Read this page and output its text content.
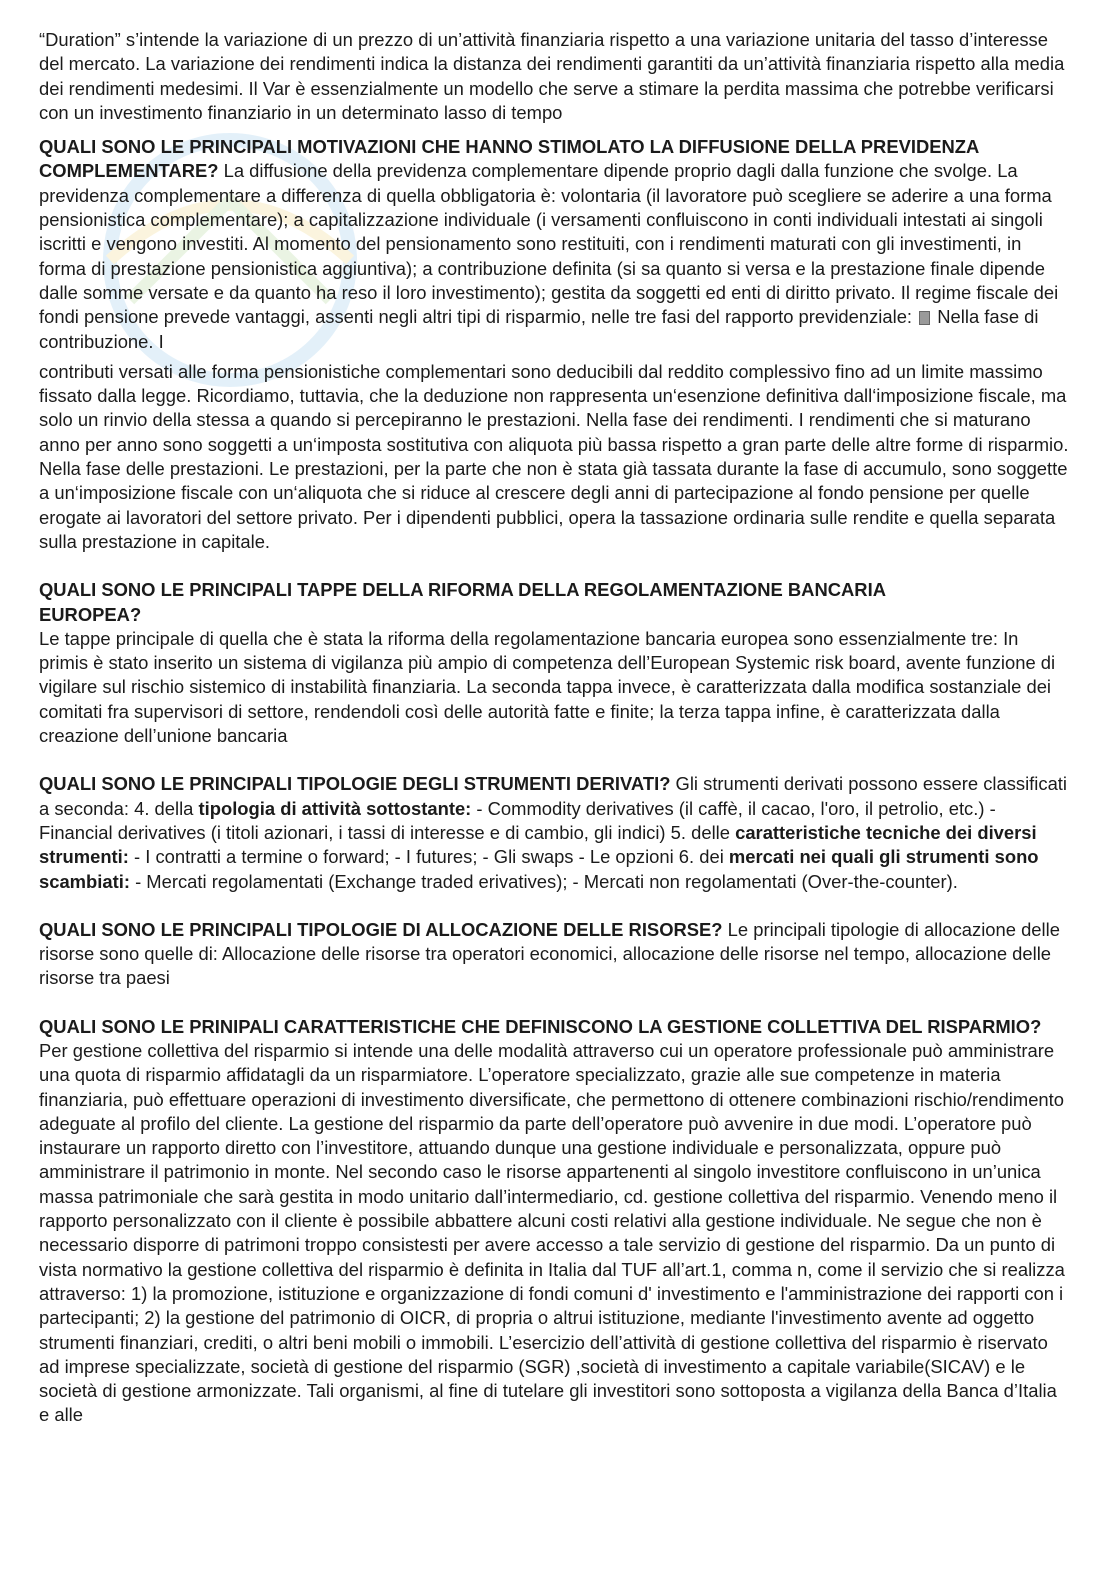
“Duration” s’intende la variazione di un prezzo di un’attività finanziaria rispetto a una variazione unitaria del tasso d’interesse del mercato. La variazione dei rendimenti indica la distanza dei rendimenti garantiti da un’attività finanziaria rispetto alla media dei rendimenti medesimi. Il Var è essenzialmente un modello che serve a stimare la perdita massima che potrebbe verificarsi con un investimento finanziario in un determinato lasso di tempo

QUALI SONO LE PRINCIPALI MOTIVAZIONI CHE HANNO STIMOLATO LA DIFFUSIONE DELLA PREVIDENZA
COMPLEMENTARE? La diffusione della previdenza complementare dipende proprio dagli dalla funzione che svolge. La previdenza complementare a differenza di quella obbligatoria è: volontaria (il lavoratore può scegliere se aderire a una forma pensionistica complementare); a capitalizzazione individuale (i versamenti confluiscono in conti individuali intestati ai singoli iscritti e vengono investiti. Al momento del pensionamento sono restituiti, con i rendimenti maturati con gli investimenti, in forma di prestazione pensionistica aggiuntiva); a contribuzione definita (si sa quanto si versa e la prestazione finale dipende dalle somme versate e da quanto ha reso il loro investimento); gestita da soggetti ed enti di diritto privato. Il regime fiscale dei fondi pensione prevede vantaggi, assenti negli altri tipi di risparmio, nelle tre fasi del rapporto previdenziale:  Nella fase di contribuzione. I

contributi versati alle forma pensionistiche complementari sono deducibili dal reddito complessivo fino ad un limite massimo fissato dalla legge. Ricordiamo, tuttavia, che la deduzione non rappresenta un‘esenzione definitiva dall‘imposizione fiscale, ma solo un rinvio della stessa a quando si percepiranno le prestazioni. Nella fase dei rendimenti. I rendimenti che si maturano anno per anno sono soggetti a un‘imposta sostitutiva con aliquota più bassa rispetto a gran parte delle altre forme di risparmio. Nella fase delle prestazioni. Le prestazioni, per la parte che non è stata già tassata durante la fase di accumulo, sono soggette a un‘imposizione fiscale con un‘aliquota che si riduce al crescere degli anni di partecipazione al fondo pensione per quelle erogate ai lavoratori del settore privato. Per i dipendenti pubblici, opera la tassazione ordinaria sulle rendite e quella separata sulla prestazione in capitale.

QUALI SONO LE PRINCIPALI TAPPE DELLA RIFORMA DELLA REGOLAMENTAZIONE BANCARIA
EUROPEA?
Le tappe principale di quella che è stata la riforma della regolamentazione bancaria europea sono essenzialmente tre: In primis è stato inserito un sistema di vigilanza più ampio di competenza dell’European Systemic risk board, avente funzione di vigilare sul rischio sistemico di instabilità finanziaria. La seconda tappa invece, è caratterizzata dalla modifica sostanziale dei comitati fra supervisori di settore, rendendoli così delle autorità fatte e finite; la terza tappa infine, è caratterizzata dalla creazione dell’unione bancaria

QUALI SONO LE PRINCIPALI TIPOLOGIE DEGLI STRUMENTI DERIVATI? Gli strumenti derivati possono essere classificati a seconda: 4. della tipologia di attività sottostante: - Commodity derivatives (il caffè, il cacao, l'oro, il petrolio, etc.) - Financial derivatives (i titoli azionari, i tassi di interesse e di cambio, gli indici) 5. delle caratteristiche tecniche dei diversi strumenti: - I contratti a termine o forward; - I futures; - Gli swaps - Le opzioni 6. dei mercati nei quali gli strumenti sono scambiati: - Mercati regolamentati (Exchange traded erivatives); - Mercati non regolamentati (Over-the-counter).

QUALI SONO LE PRINCIPALI TIPOLOGIE DI ALLOCAZIONE DELLE RISORSE? Le principali tipologie di allocazione delle risorse sono quelle di: Allocazione delle risorse tra operatori economici, allocazione delle risorse nel tempo, allocazione delle risorse tra paesi

QUALI SONO LE PRINIPALI CARATTERISTICHE CHE DEFINISCONO LA GESTIONE COLLETTIVA DEL RISPARMIO? Per gestione collettiva del risparmio si intende una delle modalità attraverso cui un operatore professionale può amministrare una quota di risparmio affidatagli da un risparmiatore. L’operatore specializzato, grazie alle sue competenze in materia finanziaria, può effettuare operazioni di investimento diversificate, che permettono di ottenere combinazioni rischio/rendimento adeguate al profilo del cliente. La gestione del risparmio da parte dell’operatore può avvenire in due modi. L’operatore può instaurare un rapporto diretto con l’investitore, attuando dunque una gestione individuale e personalizzata, oppure può amministrare il patrimonio in monte. Nel secondo caso le risorse appartenenti al singolo investitore confluiscono in un’unica massa patrimoniale che sarà gestita in modo unitario dall’intermediario, cd. gestione collettiva del risparmio. Venendo meno il rapporto personalizzato con il cliente è possibile abbattere alcuni costi relativi alla gestione individuale. Ne segue che non è necessario disporre di patrimoni troppo consistesti per avere accesso a tale servizio di gestione del risparmio. Da un punto di vista normativo la gestione collettiva del risparmio è definita in Italia dal TUF all’art.1, comma n, come il servizio che si realizza attraverso: 1) la promozione, istituzione e organizzazione di fondi comuni d' investimento e l'amministrazione dei rapporti con i partecipanti; 2) la gestione del patrimonio di OICR, di propria o altrui istituzione, mediante l'investimento avente ad oggetto strumenti finanziari, crediti, o altri beni mobili o immobili. L’esercizio dell’attività di gestione collettiva del risparmio è riservato ad imprese specializzate, società di gestione del risparmio (SGR) ,società di investimento a capitale variabile(SICAV) e le società di gestione armonizzate. Tali organismi, al fine di tutelare gli investitori sono sottoposta a vigilanza della Banca d’Italia e alle
